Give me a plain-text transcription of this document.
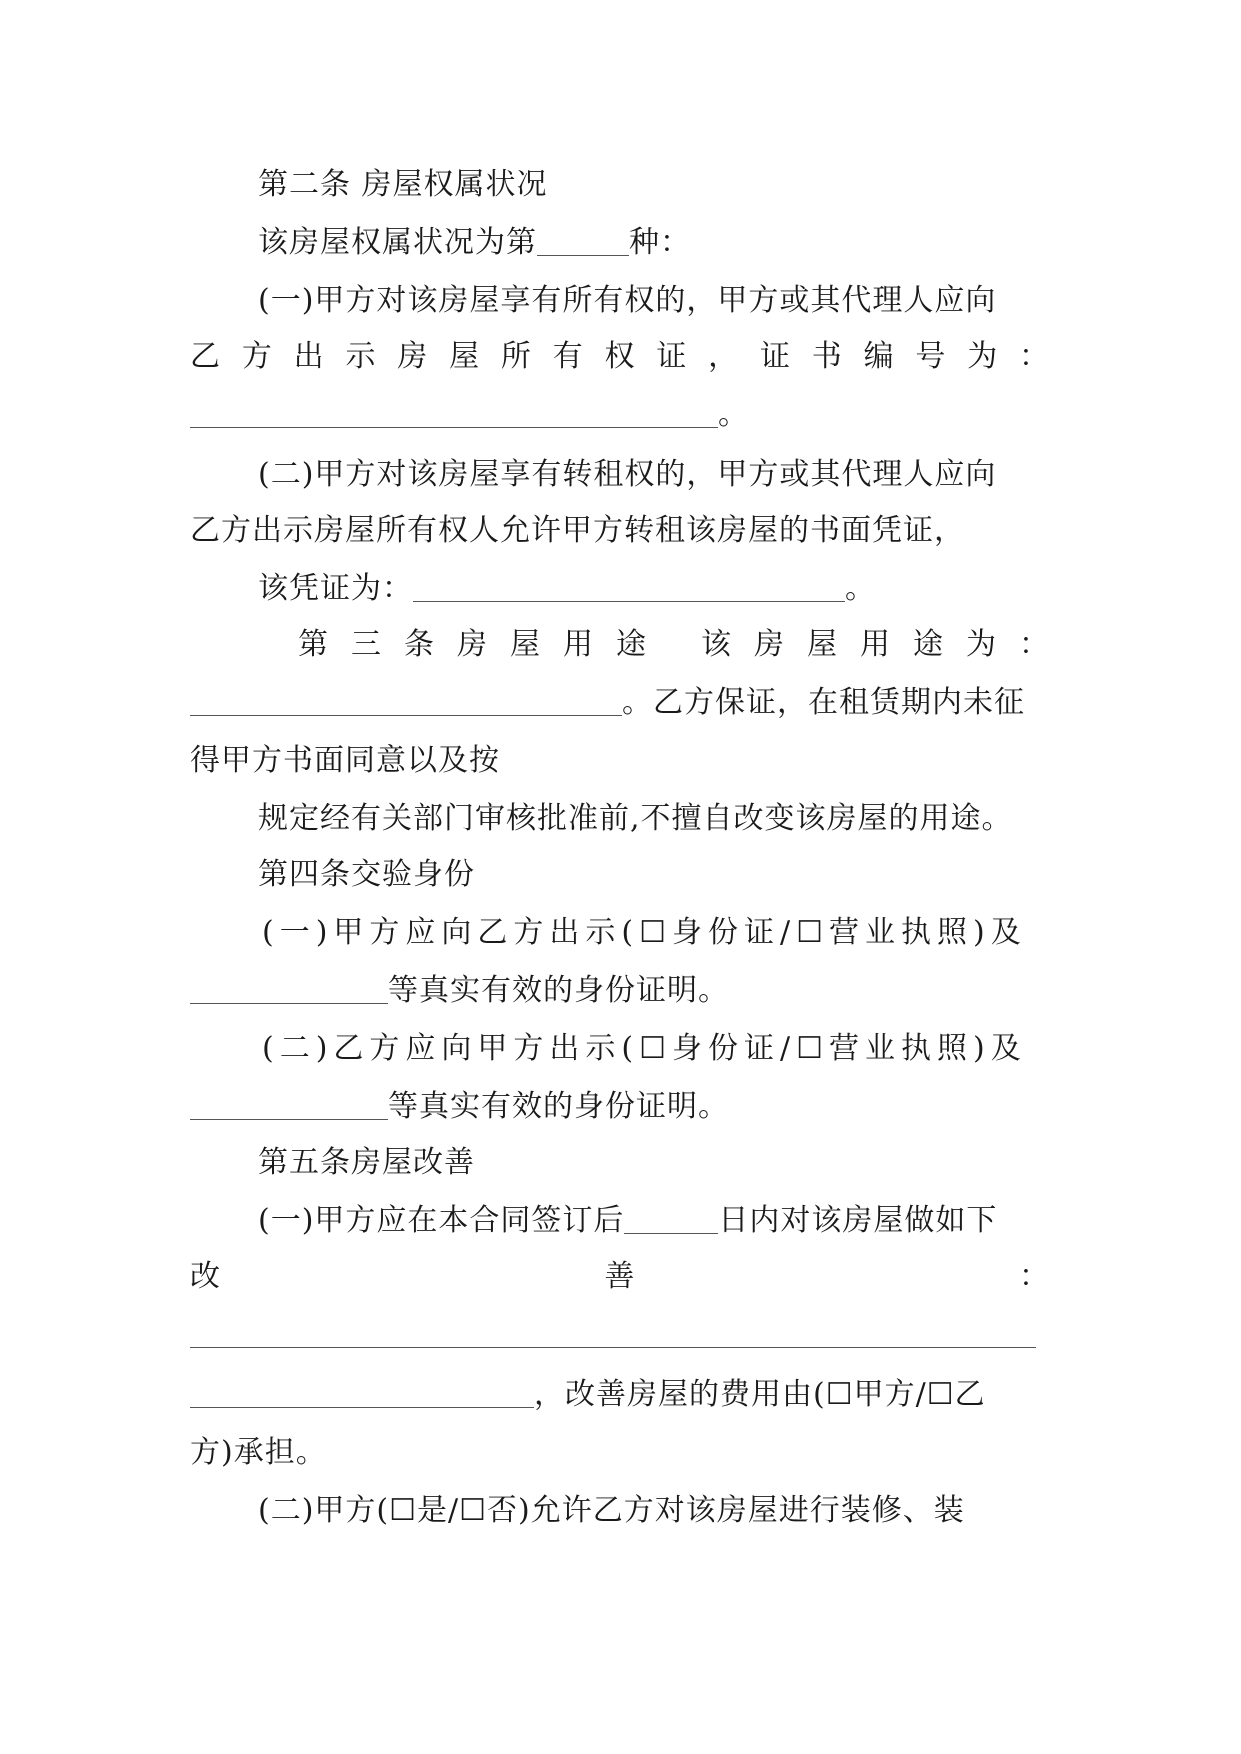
第二条 房屋权属状况
该房屋权属状况为第	种：
(一)甲方对该房屋享有所有权的，甲方或其代理人应向
乙 方 出 示 房 屋 所 有 权 证 ， 证 书 编 号 为 ：
。
(二)甲方对该房屋享有转租权的，甲方或其代理人应向
乙方出示房屋所有权人允许甲方转租该房屋的书面凭证，
该凭证为：	。
第 三 条 房 屋 用 途 该 房 屋 用 途 为 ：
。乙方保证，在租赁期内未征
得甲方书面同意以及按
规定经有关部门审核批准前,不擅自改变该房屋的用途。
第四条交验身份
(一)甲方应向乙方出示(☐身份证/☐营业执照)及
等真实有效的身份证明。
(二)乙方应向甲方出示(☐身份证/☐营业执照)及
等真实有效的身份证明。
第五条房屋改善
(一)甲方应在本合同签订后	日内对该房屋做如下
改	善	：
，改善房屋的费用由(☐甲方/☐乙
方)承担。
(二)甲方(☐是/☐否)允许乙方对该房屋进行装修、装
